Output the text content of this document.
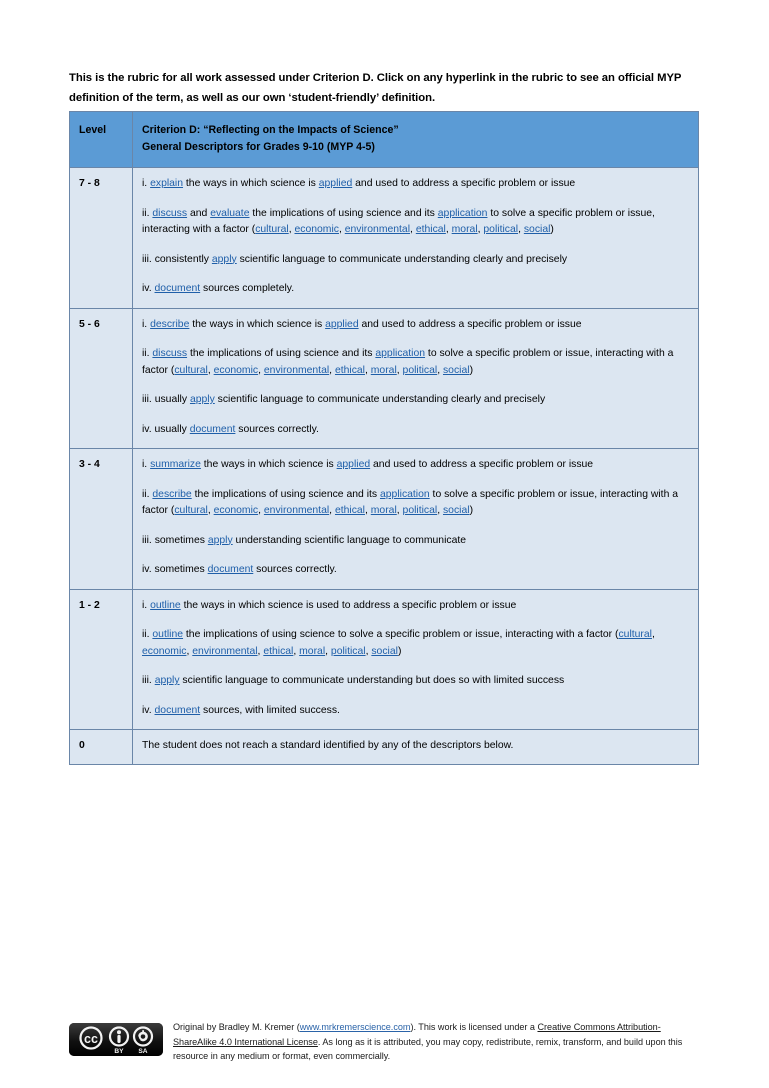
This is the rubric for all work assessed under Criterion D. Click on any hyperlink in the rubric to see an official MYP definition of the term, as well as our own ‘student-friendly’ definition.
Level	Criterion D: “Reflecting on the Impacts of Science”
General Descriptors for Grades 9-10 (MYP 4-5)

7 - 8	i. explain the ways in which science is applied and used to address a specific problem or issue

ii. discuss and evaluate the implications of using science and its application to solve a specific problem or issue, interacting with a factor (cultural, economic, environmental, ethical, moral, political, social)

iii. consistently apply scientific language to communicate understanding clearly and precisely

iv. document sources completely.

5 - 6	i. describe the ways in which science is applied and used to address a specific problem or issue

ii. discuss the implications of using science and its application to solve a specific problem or issue, interacting with a factor (cultural, economic, environmental, ethical, moral, political, social)

iii. usually apply scientific language to communicate understanding clearly and precisely

iv. usually document sources correctly.

3 - 4	i. summarize the ways in which science is applied and used to address a specific problem or issue

ii. describe the implications of using science and its application to solve a specific problem or issue, interacting with a factor (cultural, economic, environmental, ethical, moral, political, social)

iii. sometimes apply understanding scientific language to communicate

iv. sometimes document sources correctly.

1 - 2	i. outline the ways in which science is used to address a specific problem or issue

ii. outline the implications of using science to solve a specific problem or issue, interacting with a factor (cultural, economic, environmental, ethical, moral, political, social)

iii. apply scientific language to communicate understanding but does so with limited success

iv. document sources, with limited success.

0	The student does not reach a standard identified by any of the descriptors below.

cc
BY SA
Original by Bradley M. Kremer (www.mrkremerscience.com). This work is licensed under a Creative Commons Attribution-ShareAlike 4.0 International License. As long as it is attributed, you may copy, redistribute, remix, transform, and build upon this resource in any medium or format, even commercially.
